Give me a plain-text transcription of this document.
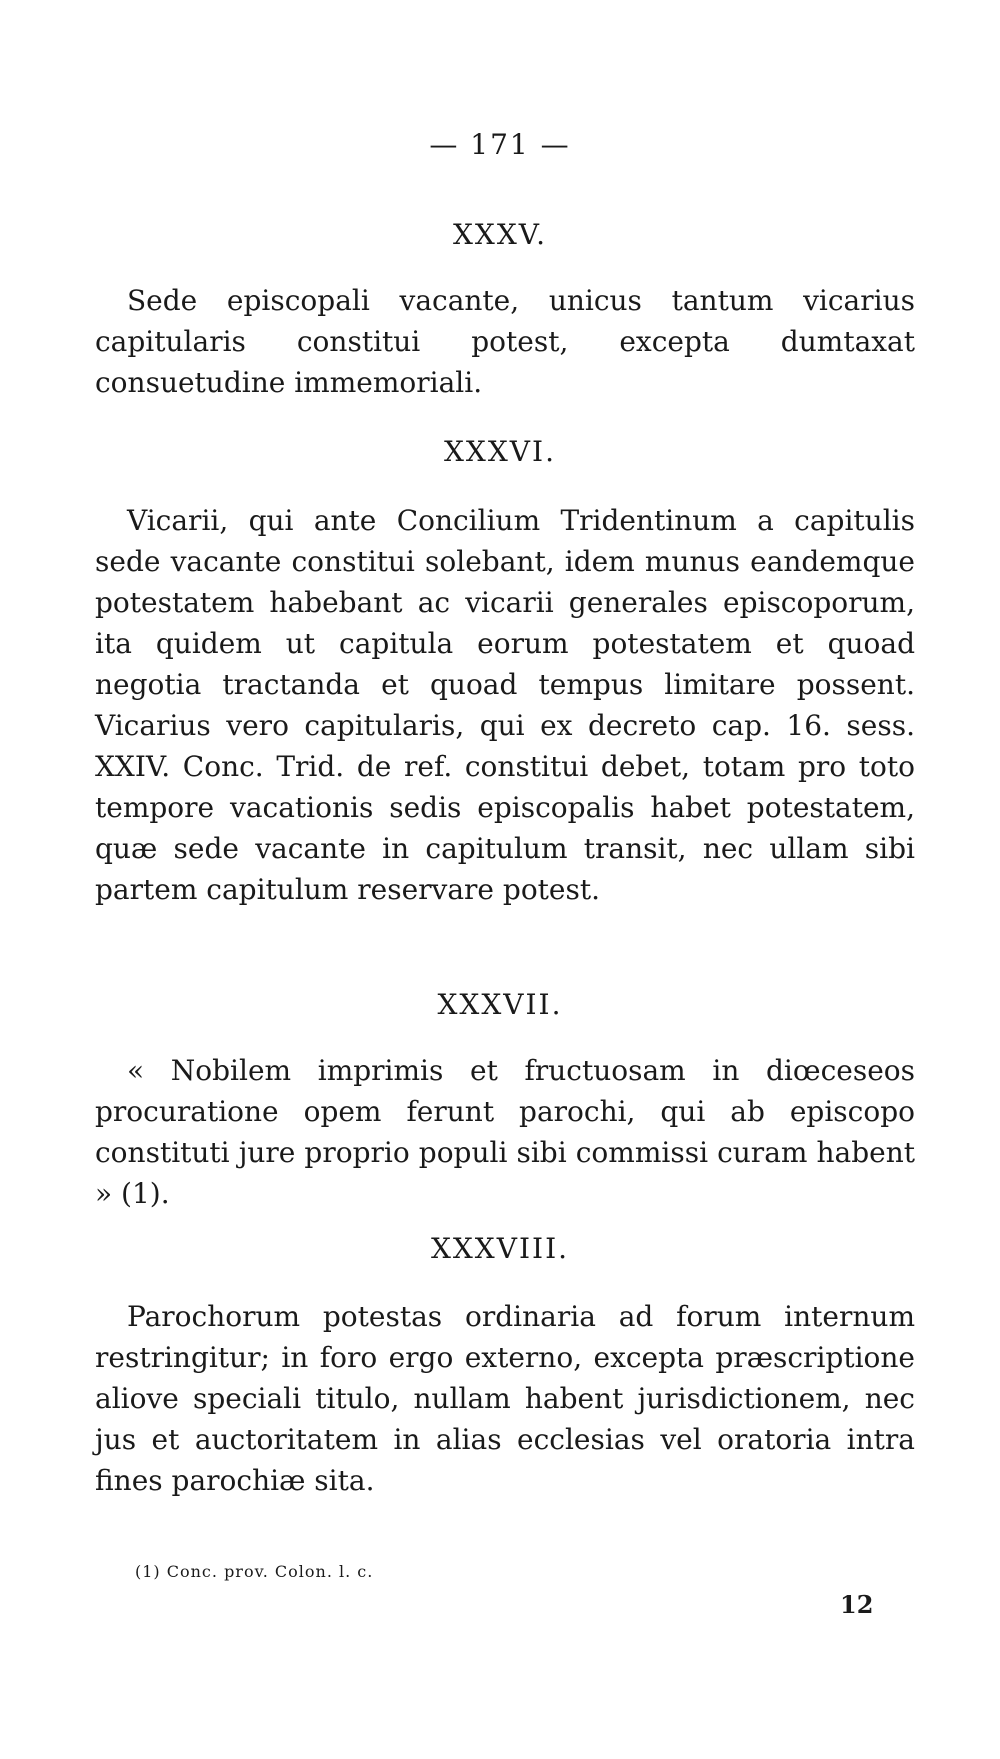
— 171 —
XXXV.
Sede episcopali vacante, unicus tantum vicarius capitularis constitui potest, excepta dumtaxat consuetudine immemoriali.
XXXVI.
Vicarii, qui ante Concilium Tridentinum a capitulis sede vacante constitui solebant, idem munus eandemque potestatem habebant ac vicarii generales episcoporum, ita quidem ut capitula eorum potestatem et quoad negotia tractanda et quoad tempus limitare possent. Vicarius vero capitularis, qui ex decreto cap. 16. sess. XXIV. Conc. Trid. de ref. constitui debet, totam pro toto tempore vacationis sedis episcopalis habet potestatem, quæ sede vacante in capitulum transit, nec ullam sibi partem capitulum reservare potest.
XXXVII.
« Nobilem imprimis et fructuosam in diœceseos procuratione opem ferunt parochi, qui ab episcopo constituti jure proprio populi sibi commissi curam habent » (1).
XXXVIII.
Parochorum potestas ordinaria ad forum internum restringitur; in foro ergo externo, excepta præscriptione aliove speciali titulo, nullam habent jurisdictionem, nec jus et auctoritatem in alias ecclesias vel oratoria intra fines parochiæ sita.
(1) Conc. prov. Colon. l. c.
12
